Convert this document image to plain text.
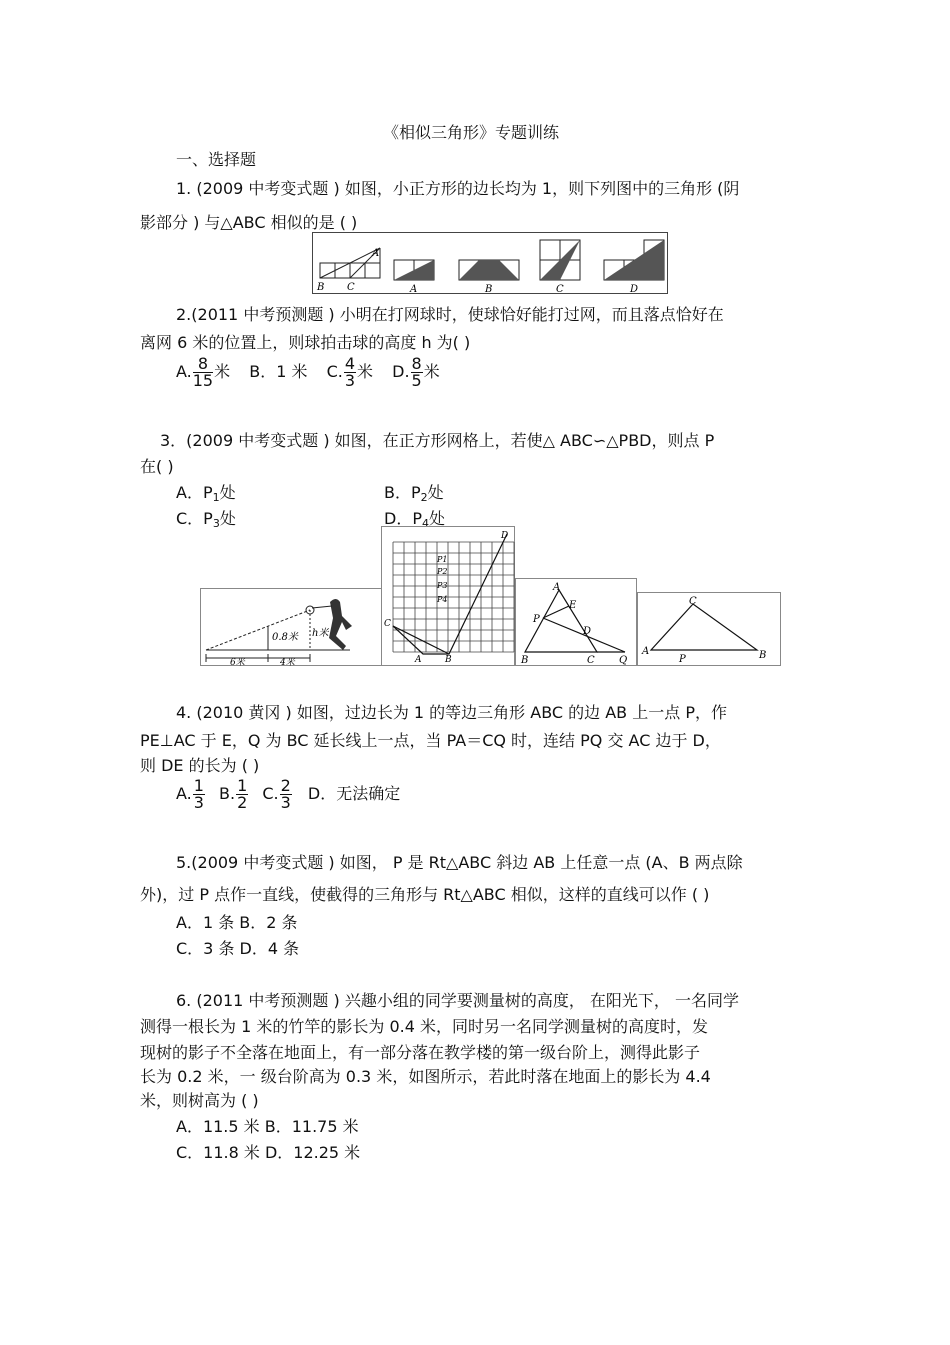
《相似三角形》专题训练
一、选择题
1. (2009 中考变式题 ) 如图，小正方形的边长均为 1，则下列图中的三角形 (阴
影部分 ) 与△ABC 相似的是 ( )
B C
A
A	B	C	D
2.(2011 中考预测题 ) 小明在打网球时，使球恰好能打过网，而且落点恰好在
离网 6 米的位置上，则球拍击球的高度 h 为( )
A. $\frac{8}{15}$ 米 B．1 米 C. $\frac{4}{3}$ 米 D. $\frac{8}{5}$ 米
3．(2009 中考变式题 ) 如图，在正方形网格上，若使△ ABC∽△PBD，则点 P
在( )
A．$P_1$处	B．$P_2$处
C．$P_3$处	D．$P_4$处
0.8米 h米
6米	4米
D
P1
P2
P3
P4
C
A	B
A
E
P
D
B	C Q
C
A
P	B
4. (2010 黄冈 ) 如图，过边长为 1 的等边三角形 ABC 的边 AB 上一点 P，作
PE⊥AC 于 E，Q 为 BC 延长线上一点，当 PA＝CQ 时，连结 PQ 交 AC 边于 D，
则 DE 的长为 ( )
A. $\frac{1}{3} B$. $\frac{1}{2} C$. $\frac{2}{3}$ D．无法确定
5.(2009 中考变式题 ) 如图， P 是 Rt△ABC 斜边 AB 上任意一点 (A、B 两点除
外)，过 P 点作一直线，使截得的三角形与 Rt△ABC 相似，这样的直线可以作 ( )
A．1 条 B．2 条
C．3 条 D．4 条
6. (2011 中考预测题 ) 兴趣小组的同学要测量树的高度， 在阳光下， 一名同学
测得一根长为 1 米的竹竿的影长为 0.4 米，同时另一名同学测量树的高度时，发
现树的影子不全落在地面上，有一部分落在教学楼的第一级台阶上，测得此影子
长为 0.2 米，一 级台阶高为 0.3 米，如图所示，若此时落在地面上的影长为 4.4
米，则树高为 ( )
A．11.5 米 B．11.75 米
C．11.8 米 D．12.25 米
